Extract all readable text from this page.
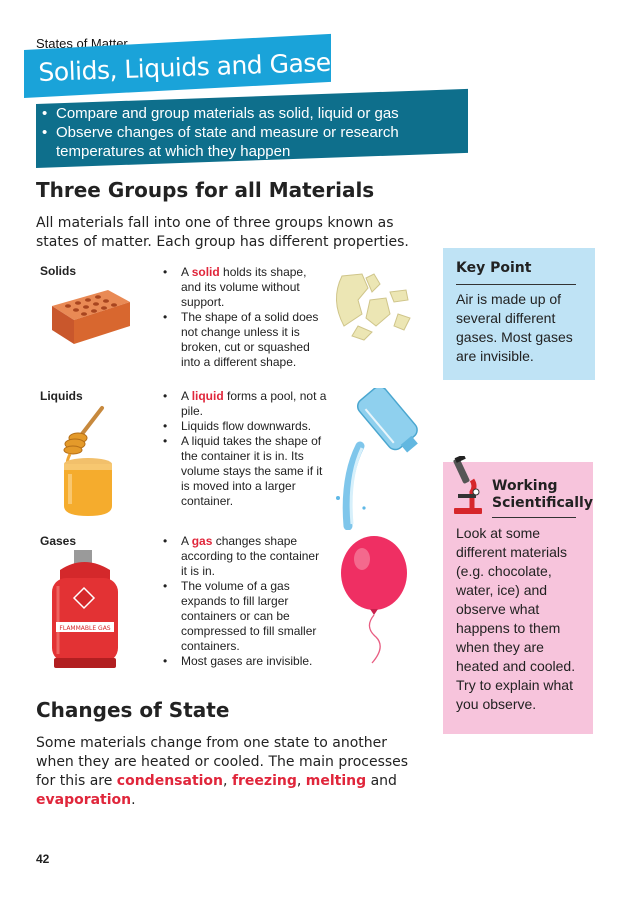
States of Matter
Solids, Liquids and Gases
• Compare and group materials as solid, liquid or gas
• Observe changes of state and measure or research temperatures at which they happen
Three Groups for all Materials
All materials fall into one of three groups known as states of matter. Each group has different properties.
Solids	• A solid holds its shape, and its volume without support.
• The shape of a solid does not change unless it is broken, cut or squashed into a different shape.
Liquids	• A liquid forms a pool, not a pile.
• Liquids flow downwards.
• A liquid takes the shape of the container it is in. Its volume stays the same if it is moved into a larger container.
Gases
FLAMMABLE GAS
• A gas changes shape according to the container it is in.
• The volume of a gas expands to fill larger containers or can be compressed to fill smaller containers.
• Most gases are invisible.
Key Point
Air is made up of several different gases. Most gases are invisible.
Working Scientifically
Look at some different materials (e.g. chocolate, water, ice) and observe what happens to them when they are heated and cooled. Try to explain what you observe.
Changes of State
Some materials change from one state to another when they are heated or cooled. The main processes for this are condensation, freezing, melting and evaporation.
42
